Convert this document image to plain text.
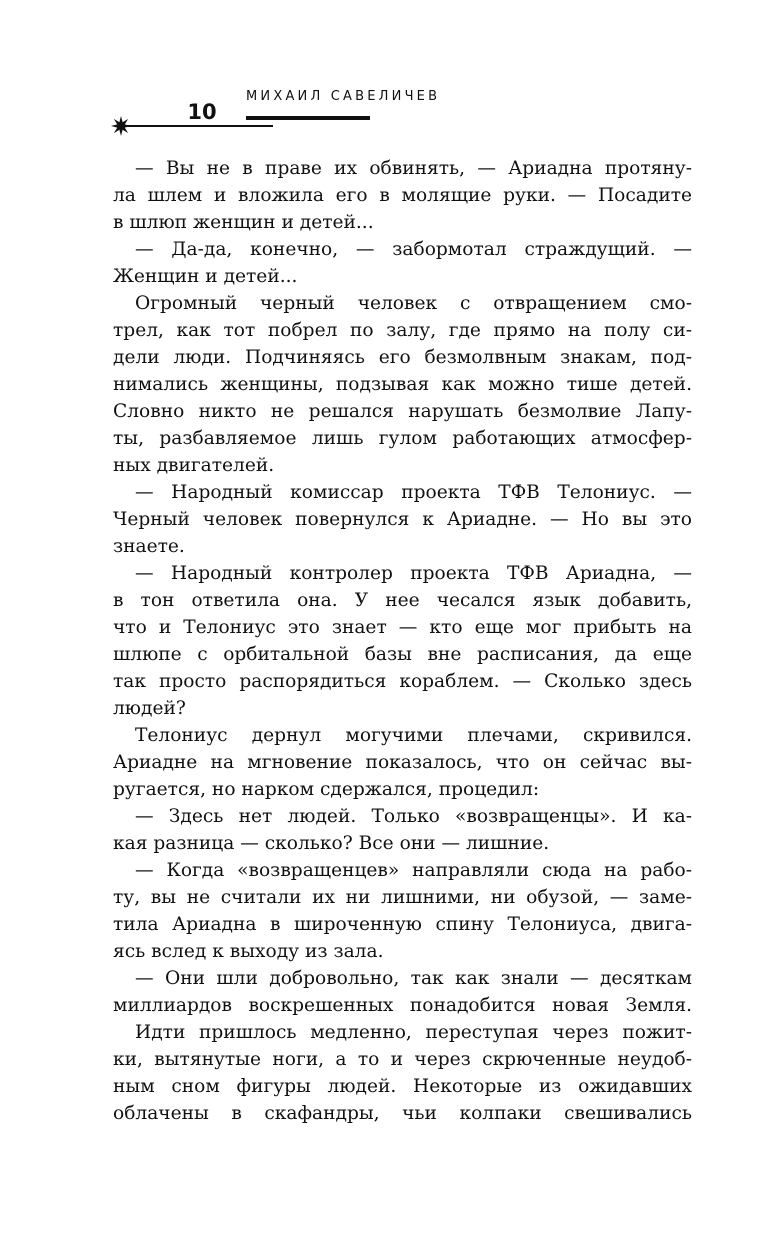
МИХАИЛ САВЕЛИЧЕВ
10
— Вы не в праве их обвинять, — Ариадна протяну-
ла шлем и вложила его в молящие руки. — Посадите
в шлюп женщин и детей...
— Да-да, конечно, — забормотал страждущий. —
Женщин и детей...
Огромный черный человек с отвращением смо-
трел, как тот побрел по залу, где прямо на полу си-
дели люди. Подчиняясь его безмолвным знакам, под-
нимались женщины, подзывая как можно тише детей.
Словно никто не решался нарушать безмолвие Лапу-
ты, разбавляемое лишь гулом работающих атмосфер-
ных двигателей.
— Народный комиссар проекта ТФВ Телониус. —
Черный человек повернулся к Ариадне. — Но вы это
знаете.
— Народный контролер проекта ТФВ Ариадна, —
в тон ответила она. У нее чесался язык добавить,
что и Телониус это знает — кто еще мог прибыть на
шлюпе с орбитальной базы вне расписания, да еще
так просто распорядиться кораблем. — Сколько здесь
людей?
Телониус дернул могучими плечами, скривился.
Ариадне на мгновение показалось, что он сейчас вы-
ругается, но нарком сдержался, процедил:
— Здесь нет людей. Только «возвращенцы». И ка-
кая разница — сколько? Все они — лишние.
— Когда «возвращенцев» направляли сюда на рабо-
ту, вы не считали их ни лишними, ни обузой, — заме-
тила Ариадна в широченную спину Телониуса, двига-
ясь вслед к выходу из зала.
— Они шли добровольно, так как знали — десяткам
миллиардов воскрешенных понадобится новая Земля.
Идти пришлось медленно, переступая через пожит-
ки, вытянутые ноги, а то и через скрюченные неудоб-
ным сном фигуры людей. Некоторые из ожидавших
облачены в скафандры, чьи колпаки свешивались
